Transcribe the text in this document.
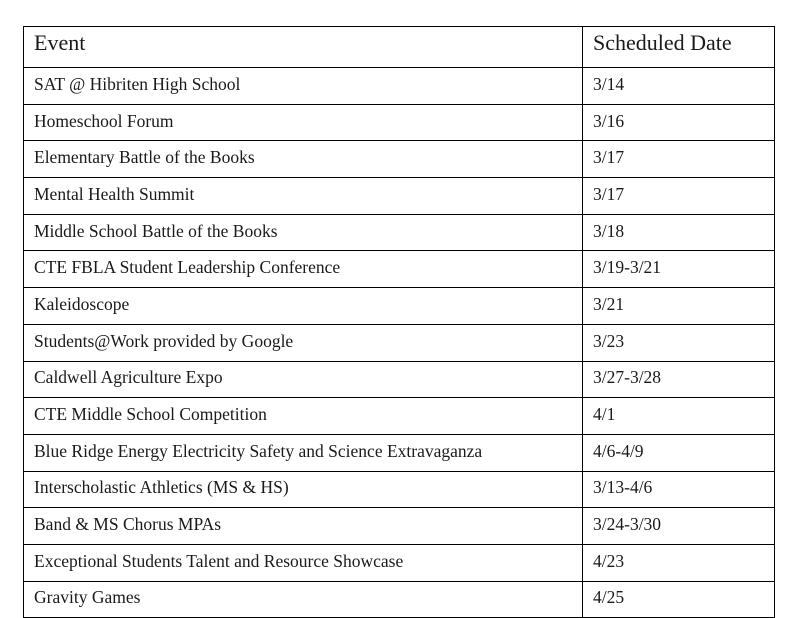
Event	Scheduled Date
SAT @ Hibriten High School	3/14
Homeschool Forum	3/16
Elementary Battle of the Books	3/17
Mental Health Summit	3/17
Middle School Battle of the Books	3/18
CTE FBLA Student Leadership Conference	3/19-3/21
Kaleidoscope	3/21
Students@Work provided by Google	3/23
Caldwell Agriculture Expo	3/27-3/28
CTE Middle School Competition	4/1
Blue Ridge Energy Electricity Safety and Science Extravaganza	4/6-4/9
Interscholastic Athletics (MS & HS)	3/13-4/6
Band & MS Chorus MPAs	3/24-3/30
Exceptional Students Talent and Resource Showcase	4/23
Gravity Games	4/25
